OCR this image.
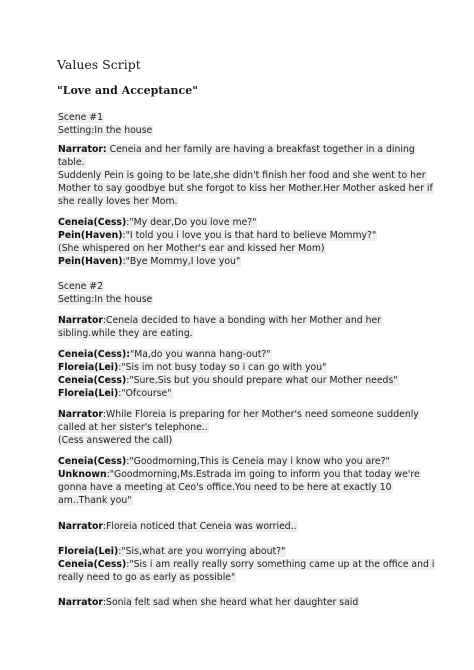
Values Script
"Love and Acceptance"
Scene #1
Setting:In the house
Narrator: Ceneia and her family are having a breakfast together in a dining
table.
Suddenly Pein is going to be late,she didn't finish her food and she went to her
Mother to say goodbye but she forgot to kiss her Mother.Her Mother asked her if
she really loves her Mom.
Ceneia(Cess):"My dear,Do you love me?"
Pein(Haven):"I told you i love you is that hard to believe Mommy?"
(She whispered on her Mother's ear and kissed her Mom)
Pein(Haven):"Bye Mommy,I love you"
Scene #2
Setting:In the house
Narrator:Ceneia decided to have a bonding with her Mother and her
sibling.while they are eating.
Ceneia(Cess):"Ma,do you wanna hang-out?"
Floreia(Lei):"Sis im not busy today so i can go with you"
Ceneia(Cess):"Sure,Sis but you should prepare what our Mother needs"
Floreia(Lei):"Ofcourse"
Narrator:While Floreia is preparing for her Mother's need someone suddenly
called at her sister's telephone..
(Cess answered the call)
Ceneia(Cess):"Goodmorning,This is Ceneia may i know who you are?"
Unknown:"Goodmorning,Ms.Estrada im going to inform you that today we're
gonna have a meeting at Ceo's office.You need to be here at exactly 10
am..Thank you"
Narrator:Floreia noticed that Ceneia was worried..
Floreia(Lei):"Sis,what are you worrying about?"
Ceneia(Cess):"Sis i am really really sorry something came up at the office and i
really need to go as early as possible"
Narrator:Sonia felt sad when she heard what her daughter said
